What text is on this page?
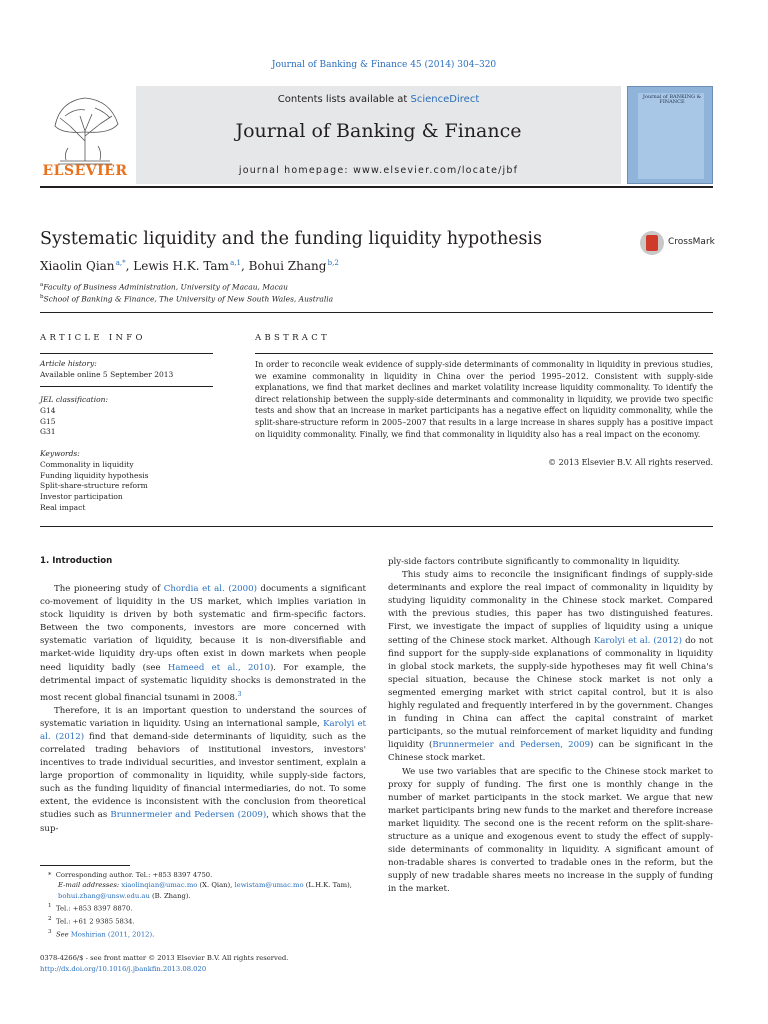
Journal of Banking & Finance 45 (2014) 304–320
ELSEVIER
Contents lists available at ScienceDirect
Journal of Banking & Finance
journal homepage: www.elsevier.com/locate/jbf
Journal of BANKING & FINANCE
Systematic liquidity and the funding liquidity hypothesis	CrossMark
Xiaolin Qian $^{a,*}$, Lewis H.K. Tam $^{a,1}$, Bohui Zhang $^{b,2}$
$^a$Faculty of Business Administration, University of Macau, Macau
$^b$School of Banking & Finance, The University of New South Wales, Australia
ARTICLE INFO	ABSTRACT
Article history:
Available online 5 September 2013
JEL classification:
G14
G15
G31
Keywords:
Commonality in liquidity
Funding liquidity hypothesis
Split-share-structure reform
Investor participation
Real impact
In order to reconcile weak evidence of supply-side determinants of commonality in liquidity in previous studies, we examine commonality in liquidity in China over the period 1995–2012. Consistent with supply-side explanations, we find that market declines and market volatility increase liquidity commonality. To identify the direct relationship between the supply-side determinants and commonality in liquidity, we provide two specific tests and show that an increase in market participants has a negative effect on liquidity commonality, while the split-share-structure reform in 2005–2007 that results in a large increase in shares supply has a positive impact on liquidity commonality. Finally, we find that commonality in liquidity also has a real impact on the economy.
© 2013 Elsevier B.V. All rights reserved.
1. Introduction

The pioneering study of Chordia et al. (2000) documents a significant co-movement of liquidity in the US market, which implies variation in stock liquidity is driven by both systematic and firm-specific factors. Between the two components, investors are more concerned with systematic variation of liquidity, because it is non-diversifiable and market-wide liquidity dry-ups often exist in down markets when people need liquidity badly (see Hameed et al., 2010). For example, the detrimental impact of systematic liquidity shocks is demonstrated in the most recent global financial tsunami in 2008.$^3$

Therefore, it is an important question to understand the sources of systematic variation in liquidity. Using an international sample, Karolyi et al. (2012) find that demand-side determinants of liquidity, such as the correlated trading behaviors of institutional investors, investors' incentives to trade individual securities, and investor sentiment, explain a large proportion of commonality in liquidity, while supply-side factors, such as the funding liquidity of financial intermediaries, do not. To some extent, the evidence is inconsistent with the conclusion from theoretical studies such as Brunnermeier and Pedersen (2009), which shows that the sup-

ply-side factors contribute significantly to commonality in liquidity.

This study aims to reconcile the insignificant findings of supply-side determinants and explore the real impact of commonality in liquidity by studying liquidity commonality in the Chinese stock market. Compared with the previous studies, this paper has two distinguished features. First, we investigate the impact of supplies of liquidity using a unique setting of the Chinese stock market. Although Karolyi et al. (2012) do not find support for the supply-side explanations of commonality in liquidity in global stock markets, the supply-side hypotheses may fit well China's special situation, because the Chinese stock market is not only a segmented emerging market with strict capital control, but it is also highly regulated and frequently interfered in by the government. Changes in funding in China can affect the capital constraint of market participants, so the mutual reinforcement of market liquidity and funding liquidity (Brunnermeier and Pedersen, 2009) can be significant in the Chinese stock market.

We use two variables that are specific to the Chinese stock market to proxy for supply of funding. The first one is monthly change in the number of market participants in the stock market. We argue that new market participants bring new funds to the market and therefore increase market liquidity. The second one is the recent reform on the split-share-structure as a unique and exogenous event to study the effect of supply-side determinants of commonality in liquidity. A significant amount of non-tradable shares is converted to tradable ones in the reform, but the supply of new tradable shares meets no increase in the supply of funding in the market.

* Corresponding author. Tel.: +853 8397 4750.
E-mail addresses: xiaolinqian@umac.mo (X. Qian), lewistam@umac.mo (L.H.K. Tam), bohui.zhang@unsw.edu.au (B. Zhang).
$^1$ Tel.: +853 8397 8870.
$^2$ Tel.: +61 2 9385 5834.
$^3$ See Moshirian (2011, 2012).
0378-4266/$ - see front matter © 2013 Elsevier B.V. All rights reserved.
http://dx.doi.org/10.1016/j.jbankfin.2013.08.020
